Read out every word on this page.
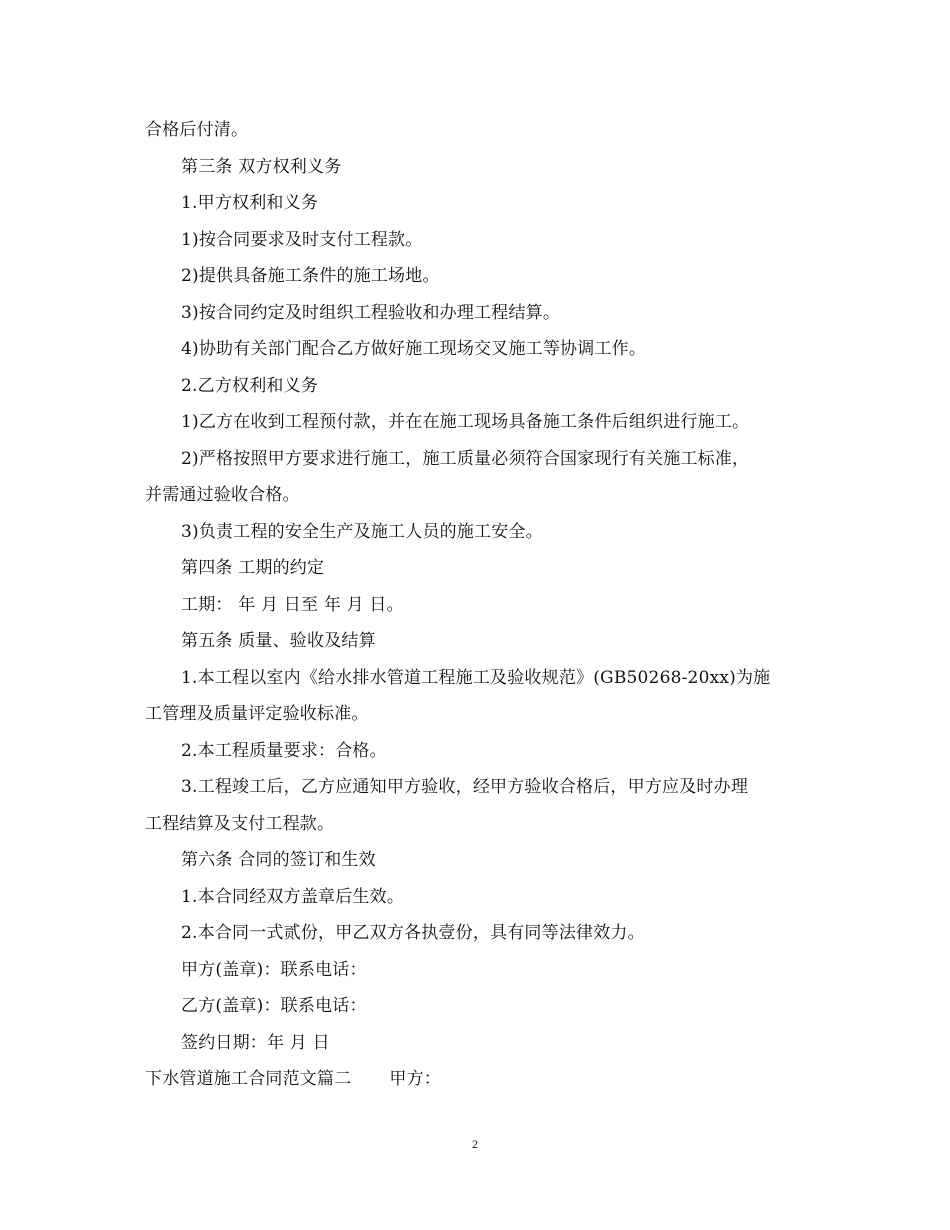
合格后付清。
第三条 双方权利义务
1.甲方权利和义务
1)按合同要求及时支付工程款。
2)提供具备施工条件的施工场地。
3)按合同约定及时组织工程验收和办理工程结算。
4)协助有关部门配合乙方做好施工现场交叉施工等协调工作。
2.乙方权利和义务
1)乙方在收到工程预付款，并在在施工现场具备施工条件后组织进行施工。
2)严格按照甲方要求进行施工，施工质量必须符合国家现行有关施工标准，
并需通过验收合格。
3)负责工程的安全生产及施工人员的施工安全。
第四条 工期的约定
工期： 年 月 日至 年 月 日。
第五条 质量、验收及结算
1.本工程以室内《给水排水管道工程施工及验收规范》(GB50268-20xx)为施
工管理及质量评定验收标准。
2.本工程质量要求：合格。
3.工程竣工后，乙方应通知甲方验收，经甲方验收合格后，甲方应及时办理
工程结算及支付工程款。
第六条 合同的签订和生效
1.本合同经双方盖章后生效。
2.本合同一式贰份，甲乙双方各执壹份，具有同等法律效力。
甲方(盖章)：联系电话：
乙方(盖章)：联系电话：
签约日期：年 月 日
下水管道施工合同范文篇二 甲方：
2
